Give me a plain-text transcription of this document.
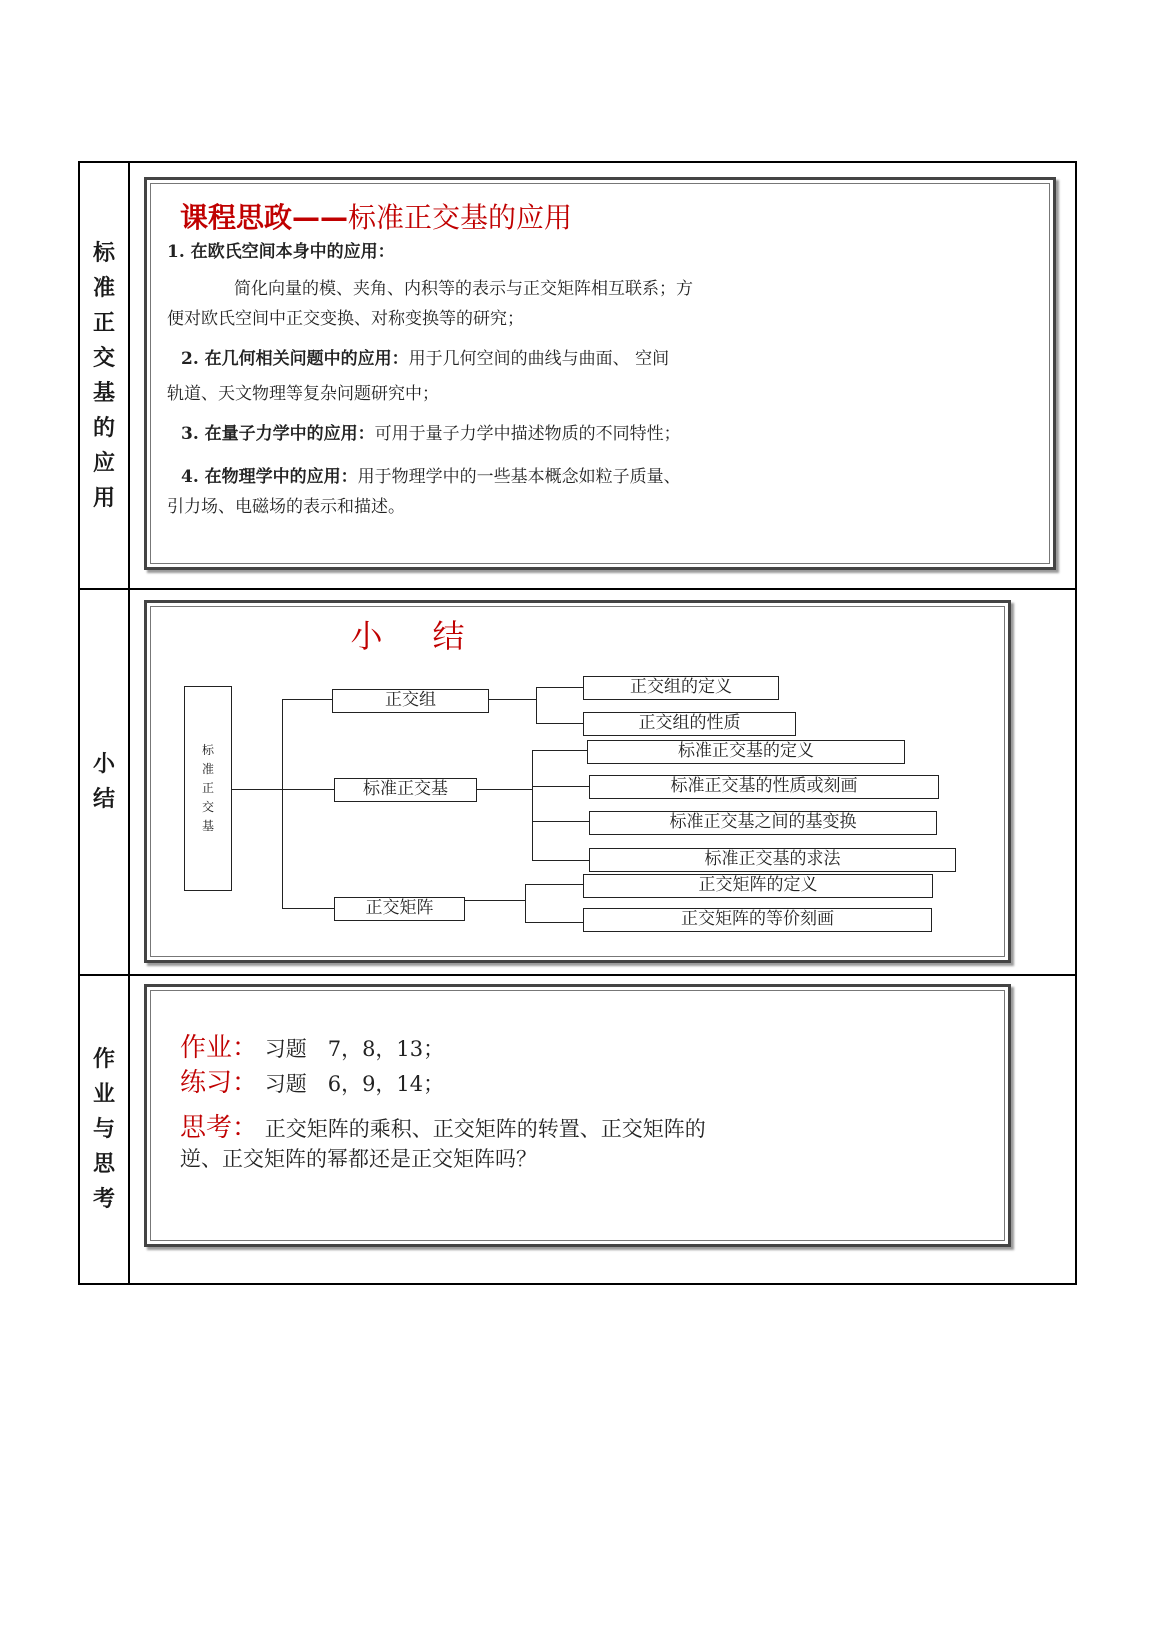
标
准
正
交
基
的
应
用
课程思政——标准正交基的应用
1. 在欧氏空间本身中的应用：
简化向量的模、夹角、内积等的表示与正交矩阵相互联系；方
便对欧氏空间中正交变换、对称变换等的研究；
2. 在几何相关问题中的应用：用于几何空间的曲线与曲面、 空间
轨道、天文物理等复杂问题研究中；
3. 在量子力学中的应用：可用于量子力学中描述物质的不同特性；
4. 在物理学中的应用：用于物理学中的一些基本概念如粒子质量、
引力场、电磁场的表示和描述。
小
结
小结
标
准
正
交
基
正交组
标准正交基
正交矩阵
正交组的定义
正交组的性质
标准正交基的定义
标准正交基的性质或刻画
标准正交基之间的基变换
标准正交基的求法
正交矩阵的定义
正交矩阵的等价刻画
作
业
与
思
考
作业： 习题　7，8，13；
练习： 习题　6，9，14；
思考： 正交矩阵的乘积、正交矩阵的转置、正交矩阵的
逆、正交矩阵的幂都还是正交矩阵吗？
